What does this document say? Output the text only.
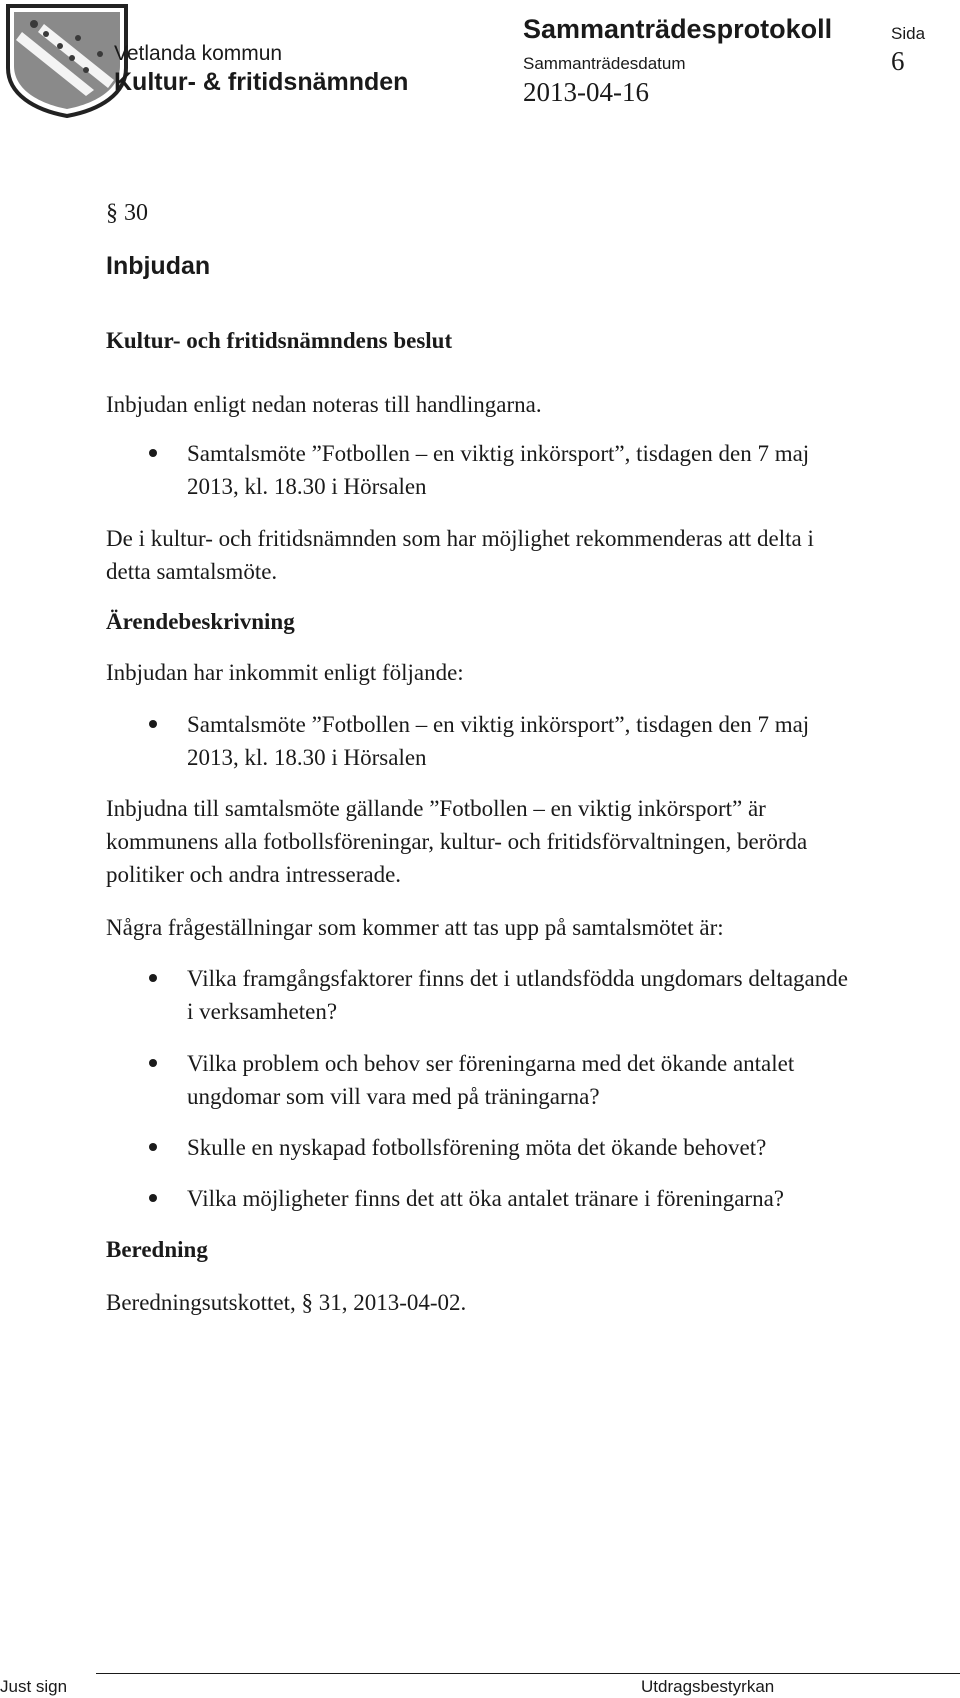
Vetlanda kommun
Kultur- & fritidsnämnden
Sammanträdesprotokoll	Sida
6
Sammanträdesdatum
2013-04-16
§ 30
Inbjudan
Kultur- och fritidsnämndens beslut
Inbjudan enligt nedan noteras till handlingarna.
Samtalsmöte ”Fotbollen – en viktig inkörsport”, tisdagen den 7 maj
2013, kl. 18.30 i Hörsalen
De i kultur- och fritidsnämnden som har möjlighet rekommenderas att delta i
detta samtalsmöte.
Ärendebeskrivning
Inbjudan har inkommit enligt följande:
Samtalsmöte ”Fotbollen – en viktig inkörsport”, tisdagen den 7 maj
2013, kl. 18.30 i Hörsalen
Inbjudna till samtalsmöte gällande ”Fotbollen – en viktig inkörsport” är
kommunens alla fotbollsföreningar, kultur- och fritidsförvaltningen, berörda
politiker och andra intresserade.
Några frågeställningar som kommer att tas upp på samtalsmötet är:
Vilka framgångsfaktorer finns det i utlandsfödda ungdomars deltagande
i verksamheten?
Vilka problem och behov ser föreningarna med det ökande antalet
ungdomar som vill vara med på träningarna?
Skulle en nyskapad fotbollsförening möta det ökande behovet?
Vilka möjligheter finns det att öka antalet tränare i föreningarna?
Beredning
Beredningsutskottet, § 31, 2013-04-02.
Just sign	Utdragsbestyrkan
